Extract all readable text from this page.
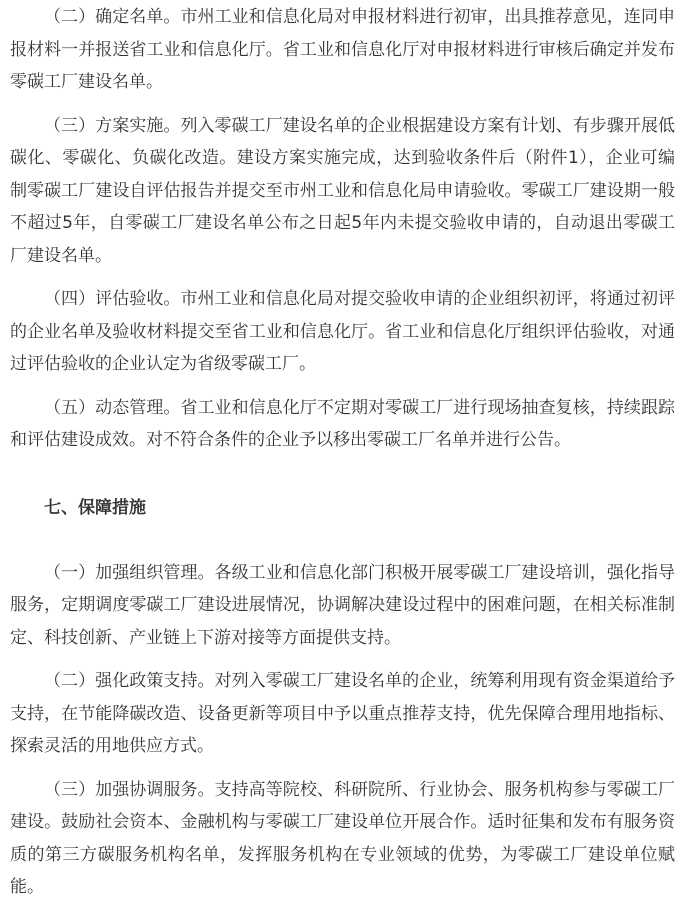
（二）确定名单。市州工业和信息化局对申报材料进行初审，出具推荐意见，连同申报材料一并报送省工业和信息化厅。省工业和信息化厅对申报材料进行审核后确定并发布零碳工厂建设名单。

（三）方案实施。列入零碳工厂建设名单的企业根据建设方案有计划、有步骤开展低碳化、零碳化、负碳化改造。建设方案实施完成，达到验收条件后（附件1），企业可编制零碳工厂建设自评估报告并提交至市州工业和信息化局申请验收。零碳工厂建设期一般不超过5年，自零碳工厂建设名单公布之日起5年内未提交验收申请的，自动退出零碳工厂建设名单。

（四）评估验收。市州工业和信息化局对提交验收申请的企业组织初评，将通过初评的企业名单及验收材料提交至省工业和信息化厅。省工业和信息化厅组织评估验收，对通过评估验收的企业认定为省级零碳工厂。

（五）动态管理。省工业和信息化厅不定期对零碳工厂进行现场抽查复核，持续跟踪和评估建设成效。对不符合条件的企业予以移出零碳工厂名单并进行公告。

七、保障措施

（一）加强组织管理。各级工业和信息化部门积极开展零碳工厂建设培训，强化指导服务，定期调度零碳工厂建设进展情况，协调解决建设过程中的困难问题，在相关标准制定、科技创新、产业链上下游对接等方面提供支持。

（二）强化政策支持。对列入零碳工厂建设名单的企业，统筹利用现有资金渠道给予支持，在节能降碳改造、设备更新等项目中予以重点推荐支持，优先保障合理用地指标、探索灵活的用地供应方式。

（三）加强协调服务。支持高等院校、科研院所、行业协会、服务机构参与零碳工厂建设。鼓励社会资本、金融机构与零碳工厂建设单位开展合作。适时征集和发布有服务资质的第三方碳服务机构名单，发挥服务机构在专业领域的优势，为零碳工厂建设单位赋能。
